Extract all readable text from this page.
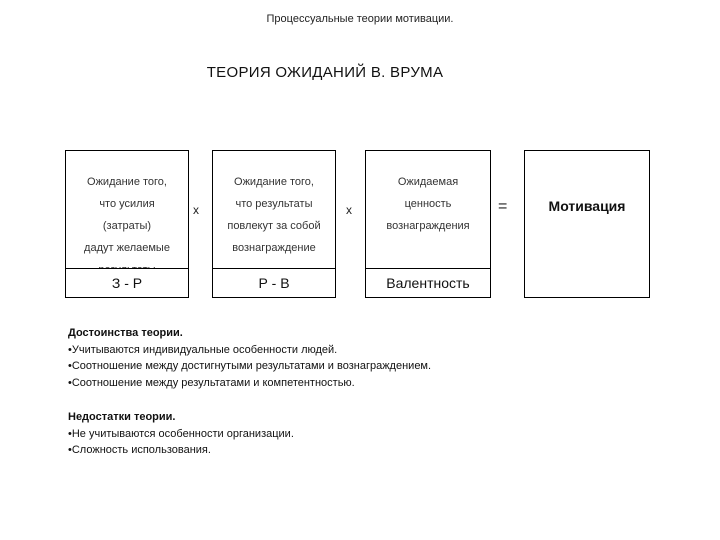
Процессуальные теории мотивации.
ТЕОРИЯ ОЖИДАНИЙ В. ВРУМА
Ожидание того,
что усилия
(затраты)
дадут желаемые
З - Р
х
Ожидание того,
что результаты
повлекут за собой
вознаграждение
Р - В
х
Ожидаемая
ценность
вознаграждения
Валентность
=	Мотивация
Достоинства теории.
•Учитываются индивидуальные особенности людей.
•Соотношение между достигнутыми результатами и вознаграждением.
•Соотношение между результатами и компетентностью.
Недостатки теории.
•Не учитываются особенности организации.
•Сложность использования.
